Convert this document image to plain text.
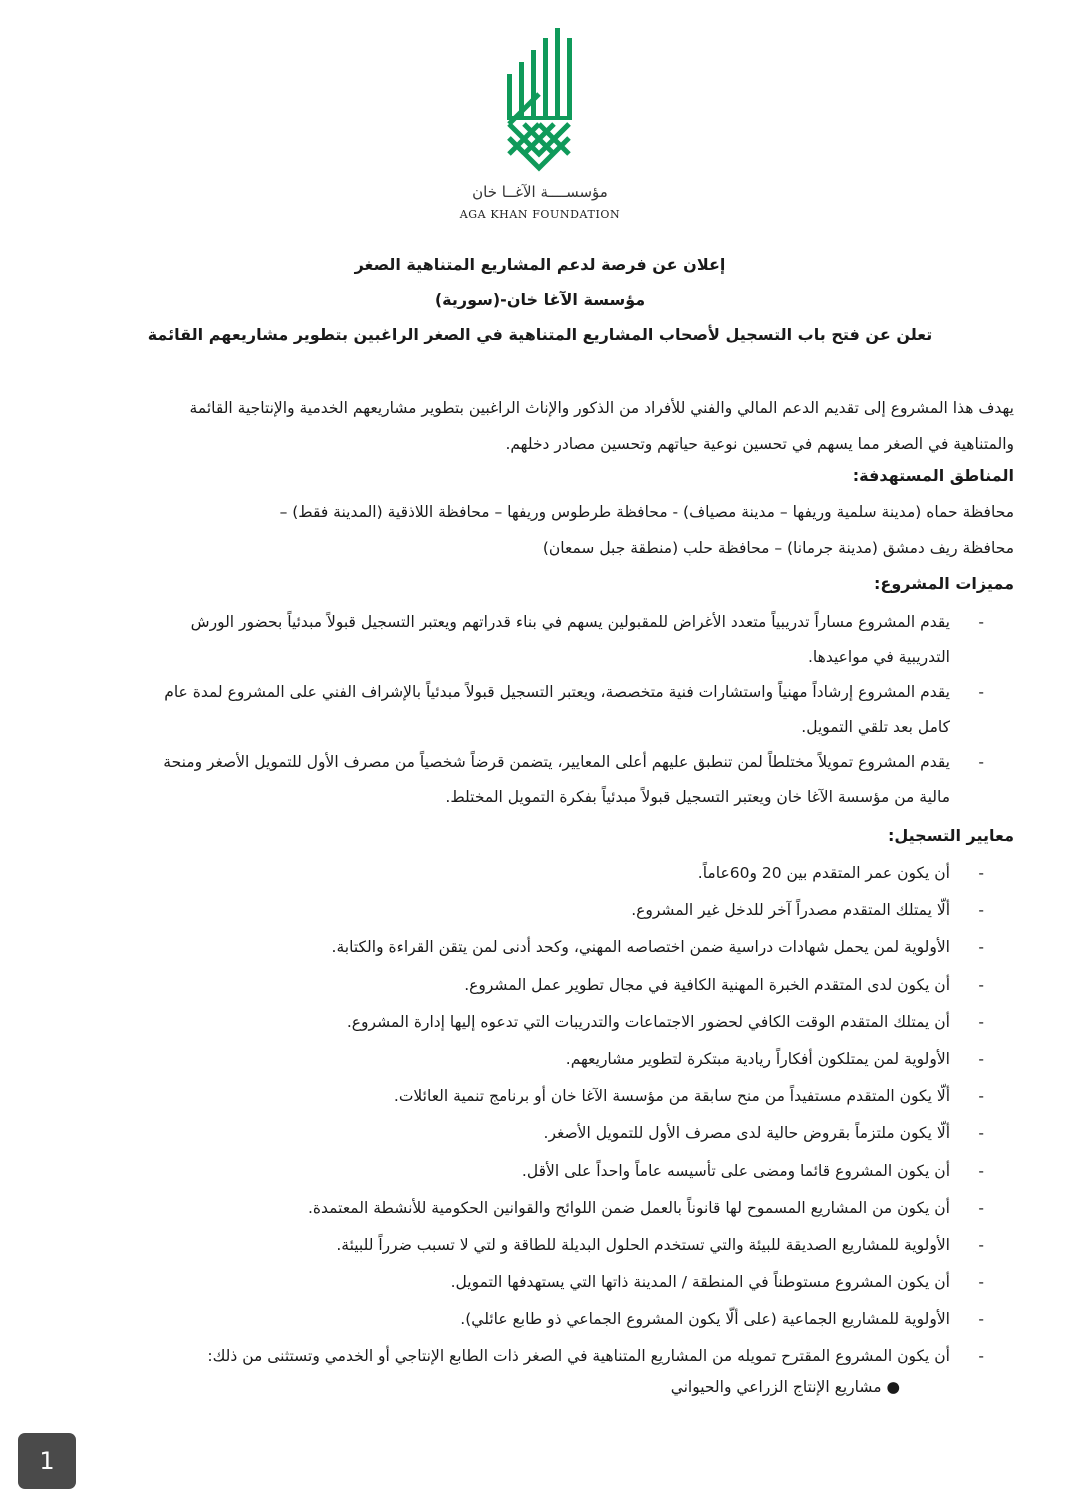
مؤسســــة الآغــا خان
AGA KHAN FOUNDATION
إعلان عن فرصة لدعم المشاريع المتناهية الصغر
مؤسسة الآغا خان-(سورية)
تعلن عن فتح باب التسجيل لأصحاب المشاريع المتناهية في الصغر الراغبين بتطوير مشاريعهم القائمة
يهدف هذا المشروع إلى تقديم الدعم المالي والفني للأفراد من الذكور والإناث الراغبين بتطوير مشاريعهم الخدمية والإنتاجية القائمة
والمتناهية في الصغر مما يسهم في تحسين نوعية حياتهم وتحسين مصادر دخلهم.
المناطق المستهدفة:
محافظة حماه (مدينة سلمية وريفها – مدينة مصياف) - محافظة طرطوس وريفها – محافظة اللاذقية (المدينة فقط) –
محافظة ريف دمشق (مدينة جرمانا) – محافظة حلب (منطقة جبل سمعان)
مميزات المشروع:
-
يقدم المشروع مساراً تدريبياً متعدد الأغراض للمقبولين يسهم في بناء قدراتهم ويعتبر التسجيل قبولاً مبدئياً بحضور الورش
التدريبية في مواعيدها.
-
يقدم المشروع إرشاداً مهنياً واستشارات فنية متخصصة، ويعتبر التسجيل قبولاً مبدئياً بالإشراف الفني على المشروع لمدة عام
كامل بعد تلقي التمويل.
-
يقدم المشروع تمويلاً مختلطاً لمن تنطبق عليهم أعلى المعايير، يتضمن قرضاً شخصياً من مصرف الأول للتمويل الأصغر ومنحة
مالية من مؤسسة الآغا خان ويعتبر التسجيل قبولاً مبدئياً بفكرة التمويل المختلط.
معايير التسجيل:
-
أن يكون عمر المتقدم بين 20 و60عاماً.
-
ألّا يمتلك المتقدم مصدراً آخر للدخل غير المشروع.
-
الأولوية لمن يحمل شهادات دراسية ضمن اختصاصه المهني، وكحد أدنى لمن يتقن القراءة والكتابة.
-
أن يكون لدى المتقدم الخبرة المهنية الكافية في مجال تطوير عمل المشروع.
-
أن يمتلك المتقدم الوقت الكافي لحضور الاجتماعات والتدريبات التي تدعوه إليها إدارة المشروع.
-
الأولوية لمن يمتلكون أفكاراً ريادية مبتكرة لتطوير مشاريعهم.
-
ألّا يكون المتقدم مستفيداً من منح سابقة من مؤسسة الآغا خان أو برنامج تنمية العائلات.
-
ألّا يكون ملتزماً بقروض حالية لدى مصرف الأول للتمويل الأصغر.
-
أن يكون المشروع قائما ومضى على تأسيسه عاماً واحداً على الأقل.
-
أن يكون من المشاريع المسموح لها قانوناً بالعمل ضمن اللوائح والقوانين الحكومية للأنشطة المعتمدة.
-
الأولوية للمشاريع الصديقة للبيئة والتي تستخدم الحلول البديلة للطاقة و لتي لا تسبب ضرراً للبيئة.
-
أن يكون المشروع مستوطناً في المنطقة / المدينة ذاتها التي يستهدفها التمويل.
-
الأولوية للمشاريع الجماعية (على ألّا يكون المشروع الجماعي ذو طابع عائلي).
-
أن يكون المشروع المقترح تمويله من المشاريع المتناهية في الصغر ذات الطابع الإنتاجي أو الخدمي وتستثنى من ذلك:
● مشاريع الإنتاج الزراعي والحيواني
1
